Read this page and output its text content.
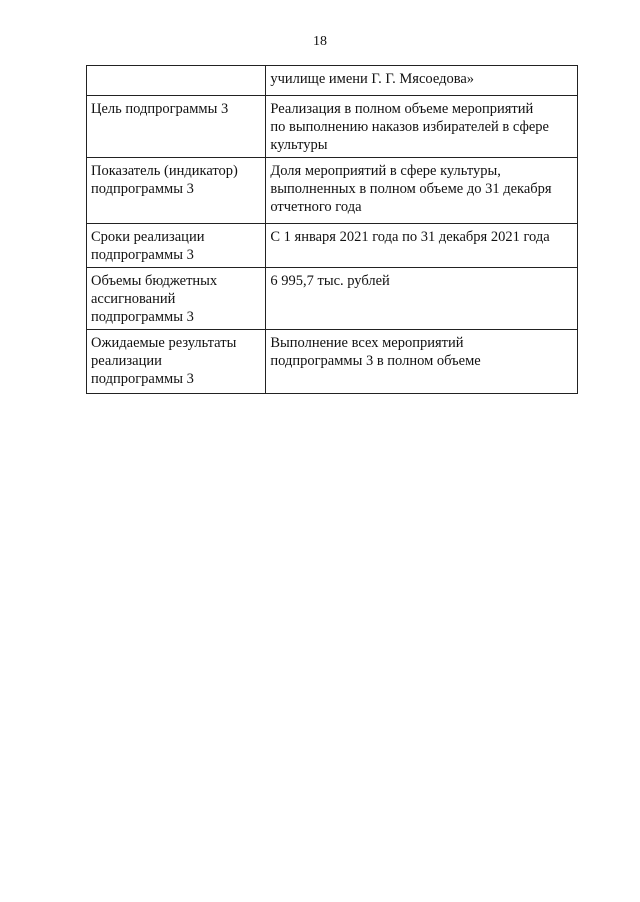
18

	училище имени Г. Г. Мясоедова»

Цель подпрограммы 3	Реализация в полном объеме мероприятий
по выполнению наказов избирателей в сфере
культуры

Показатель (индикатор)
подпрограммы 3	Доля мероприятий в сфере культуры,
выполненных в полном объеме до 31 декабря
отчетного года

Сроки реализации
подпрограммы 3	С 1 января 2021 года по 31 декабря 2021 года

Объемы бюджетных
ассигнований
подпрограммы 3	6 995,7 тыс. рублей

Ожидаемые результаты
реализации
подпрограммы 3	Выполнение всех мероприятий
подпрограммы 3 в полном объеме
